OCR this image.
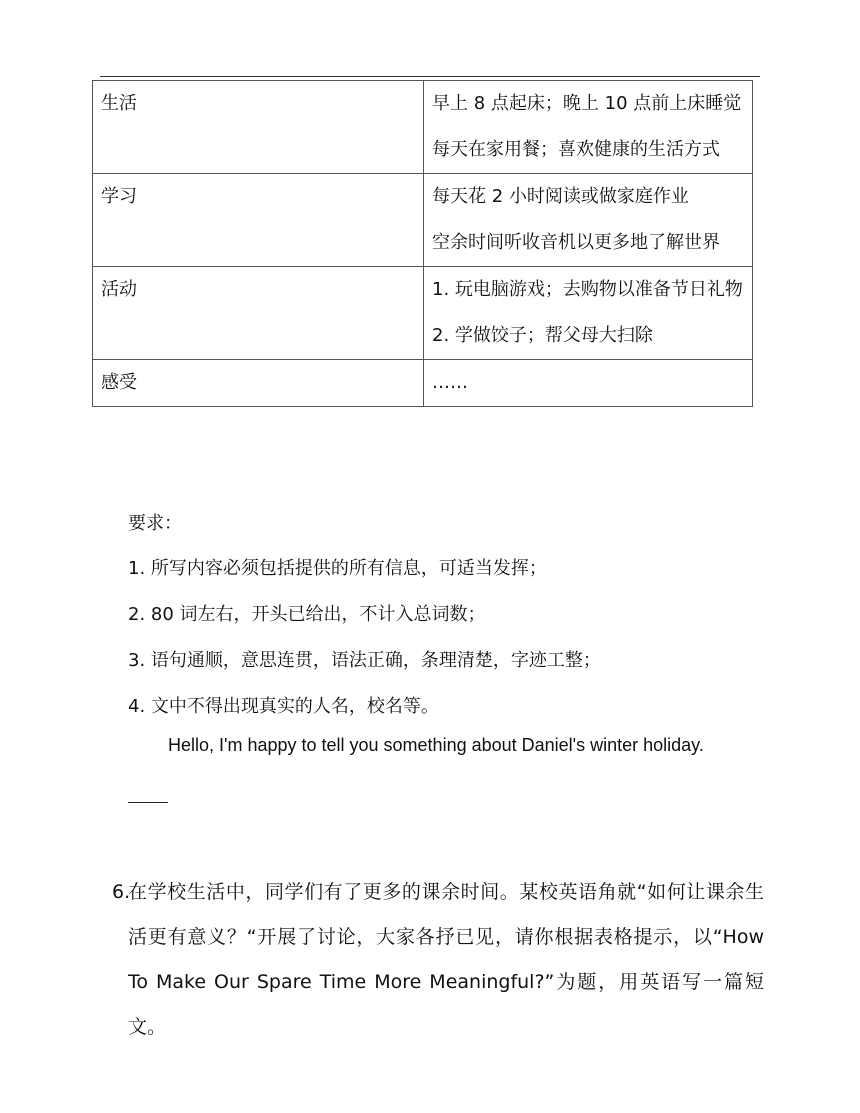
生活	早上 8 点起床；晚上 10 点前上床睡觉
每天在家用餐；喜欢健康的生活方式

学习	每天花 2 小时阅读或做家庭作业
空余时间听收音机以更多地了解世界

活动	1. 玩电脑游戏；去购物以准备节日礼物
2. 学做饺子；帮父母大扫除

感受	……
要求：
1. 所写内容必须包括提供的所有信息，可适当发挥；
2. 80 词左右，开头已给出，不计入总词数；
3. 语句通顺，意思连贯，语法正确，条理清楚，字迹工整；
4. 文中不得出现真实的人名，校名等。
Hello, I'm happy to tell you something about Daniel's winter holiday.
6.
在学校生活中，同学们有了更多的课余时间。某校英语角就“如何让课余生活更有意义？“开展了讨论，大家各抒已见，请你根据表格提示，以“How To Make Our Spare Time More Meaningful?”为题，用英语写一篇短文。
